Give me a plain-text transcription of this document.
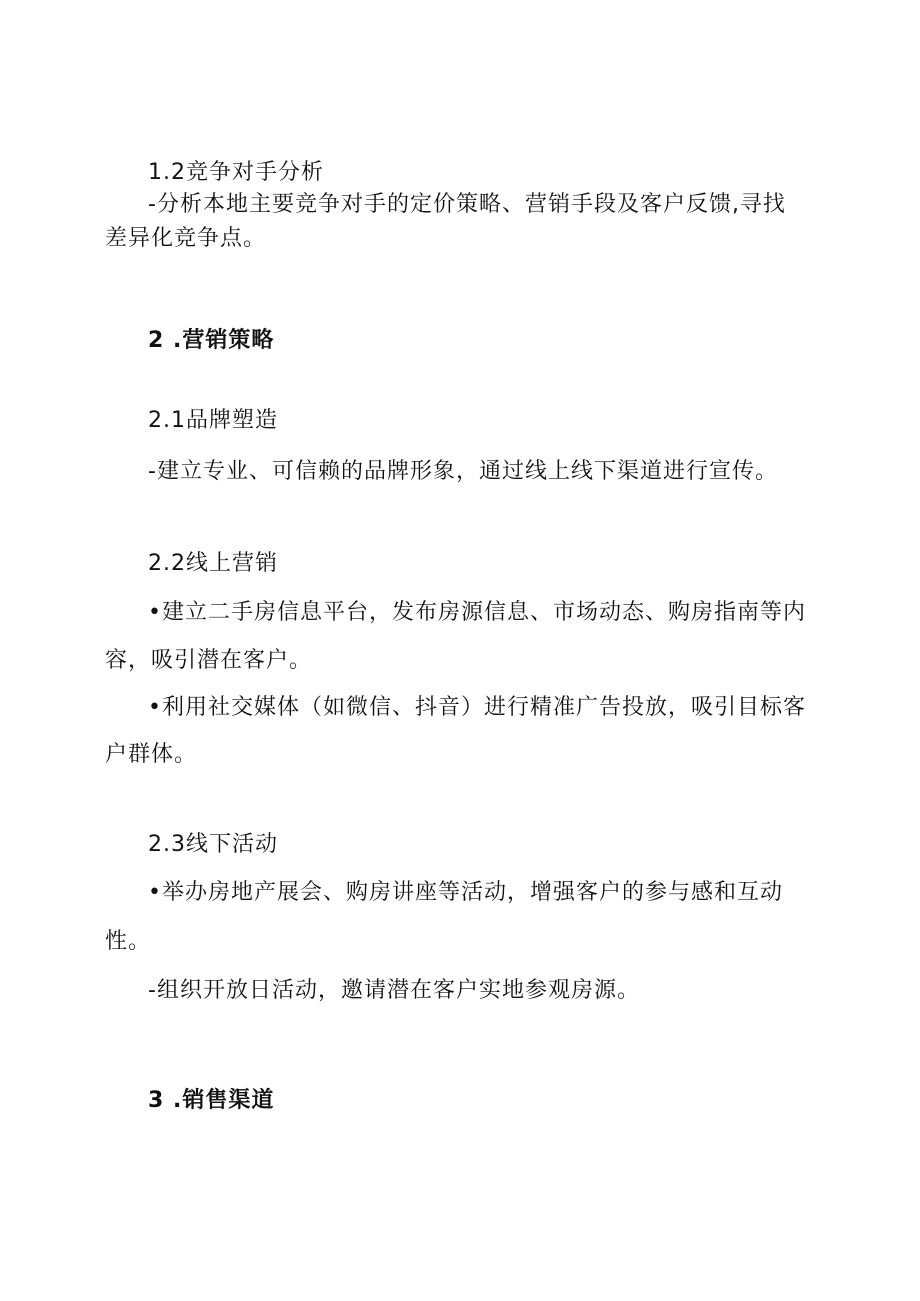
1.2竞争对手分析
-分析本地主要竞争对手的定价策略、营销手段及客户反馈,寻找
差异化竞争点。
2 .营销策略
2.1品牌塑造
-建立专业、可信赖的品牌形象，通过线上线下渠道进行宣传。
2.2线上营销
•建立二手房信息平台，发布房源信息、市场动态、购房指南等内
容，吸引潜在客户。
•利用社交媒体（如微信、抖音）进行精准广告投放，吸引目标客
户群体。
2.3线下活动
•举办房地产展会、购房讲座等活动，增强客户的参与感和互动
性。
-组织开放日活动，邀请潜在客户实地参观房源。
3 .销售渠道
